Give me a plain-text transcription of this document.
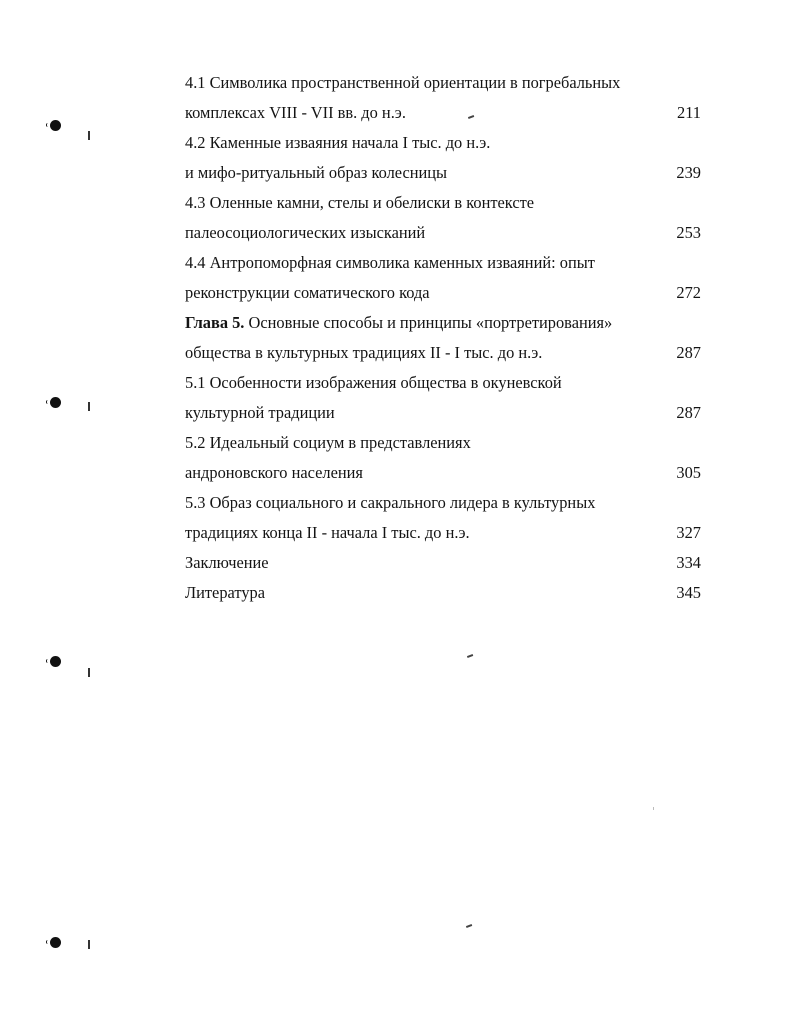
4.1 Символика пространственной ориентации в погребальных
комплексах VIII - VII вв. до н.э.	211
4.2 Каменные изваяния начала I тыс. до н.э.
и мифо-ритуальный образ колесницы	239
4.3 Оленные камни, стелы и обелиски в контексте
палеосоциологических изысканий	253
4.4 Антропоморфная символика каменных изваяний: опыт
реконструкции соматического кода	272
Глава 5. Основные способы и принципы «портретирования»
общества в культурных традициях II - I тыс. до н.э.	287
5.1 Особенности изображения общества в окуневской
культурной традиции	287
5.2 Идеальный социум в представлениях
андроновского населения	305
5.3 Образ социального и сакрального лидера в культурных
традициях конца II - начала I тыс. до н.э.	327
Заключение	334
Литература	345
